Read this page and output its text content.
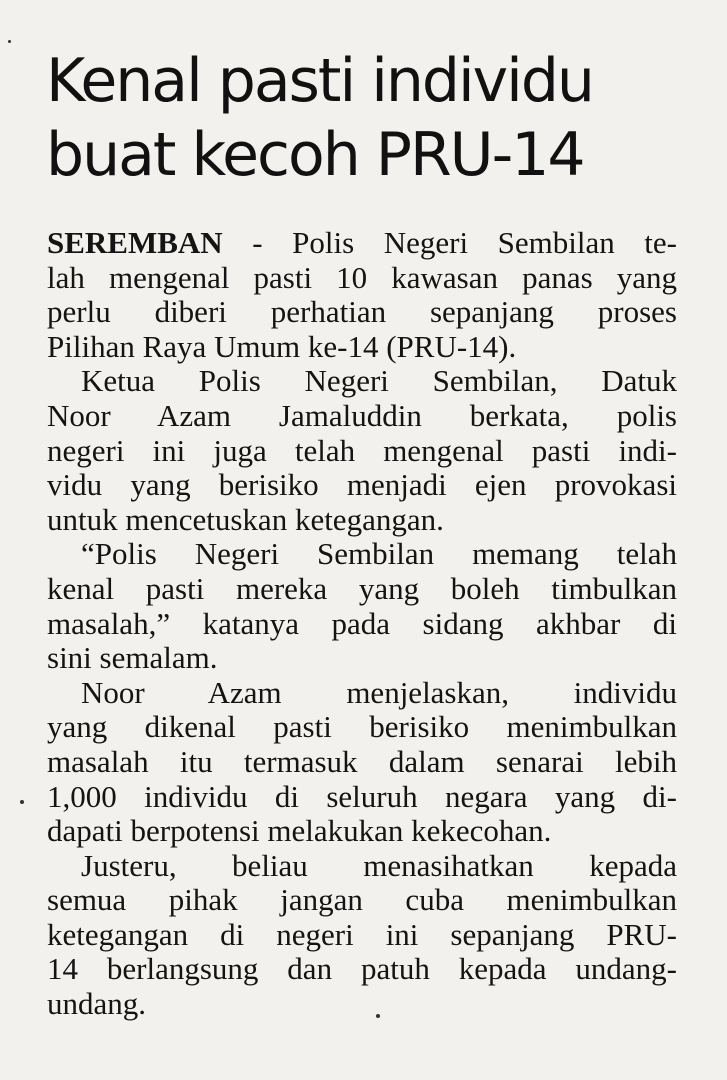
Kenal pasti individu
buat kecoh PRU-14
SEREMBAN - Polis Negeri Sembilan te-
lah mengenal pasti 10 kawasan panas yang
perlu diberi perhatian sepanjang proses
Pilihan Raya Umum ke-14 (PRU-14).
Ketua Polis Negeri Sembilan, Datuk
Noor Azam Jamaluddin berkata, polis
negeri ini juga telah mengenal pasti indi-
vidu yang berisiko menjadi ejen provokasi
untuk mencetuskan ketegangan.
“Polis Negeri Sembilan memang telah
kenal pasti mereka yang boleh timbulkan
masalah,” katanya pada sidang akhbar di
sini semalam.
Noor Azam menjelaskan, individu
yang dikenal pasti berisiko menimbulkan
masalah itu termasuk dalam senarai lebih
1,000 individu di seluruh negara yang di-
dapati berpotensi melakukan kekecohan.
Justeru, beliau menasihatkan kepada
semua pihak jangan cuba menimbulkan
ketegangan di negeri ini sepanjang PRU-
14 berlangsung dan patuh kepada undang-
undang.
